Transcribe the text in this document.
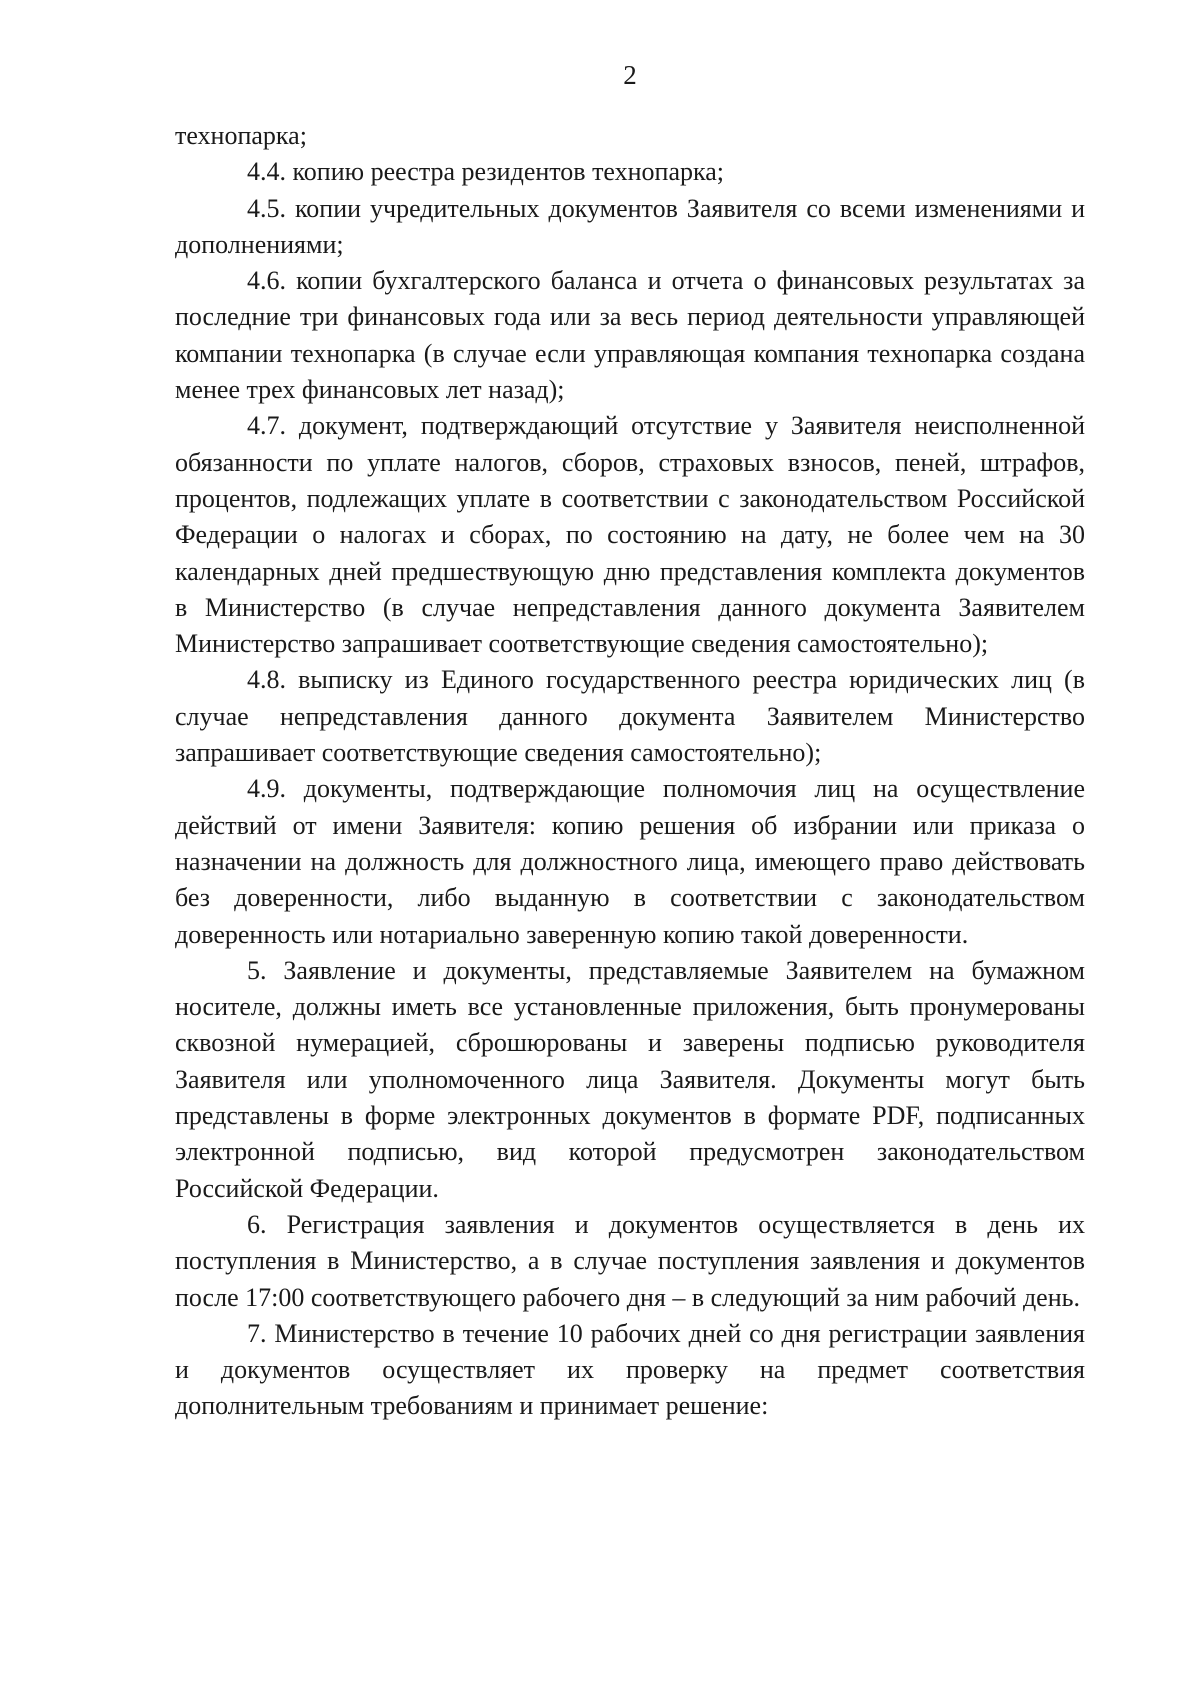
2

технопарка;

4.4. копию реестра резидентов технопарка;

4.5. копии учредительных документов Заявителя со всеми изменениями и дополнениями;

4.6. копии бухгалтерского баланса и отчета о финансовых результатах за последние три финансовых года или за весь период деятельности управляющей компании технопарка (в случае если управляющая компания технопарка создана менее трех финансовых лет назад);

4.7. документ, подтверждающий отсутствие у Заявителя неисполненной обязанности по уплате налогов, сборов, страховых взносов, пеней, штрафов, процентов, подлежащих уплате в соответствии с законодательством Российской Федерации о налогах и сборах, по состоянию на дату, не более чем на 30 календарных дней предшествующую дню представления комплекта документов в Министерство (в случае непредставления данного документа Заявителем Министерство запрашивает соответствующие сведения самостоятельно);

4.8. выписку из Единого государственного реестра юридических лиц (в случае непредставления данного документа Заявителем Министерство запрашивает соответствующие сведения самостоятельно);

4.9. документы, подтверждающие полномочия лиц на осуществление действий от имени Заявителя: копию решения об избрании или приказа о назначении на должность для должностного лица, имеющего право действовать без доверенности, либо выданную в соответствии с законодательством доверенность или нотариально заверенную копию такой доверенности.

5. Заявление и документы, представляемые Заявителем на бумажном носителе, должны иметь все установленные приложения, быть пронумерованы сквозной нумерацией, сброшюрованы и заверены подписью руководителя Заявителя или уполномоченного лица Заявителя. Документы могут быть представлены в форме электронных документов в формате PDF, подписанных электронной подписью, вид которой предусмотрен законодательством Российской Федерации.

6. Регистрация заявления и документов осуществляется в день их поступления в Министерство, а в случае поступления заявления и документов после 17:00 соответствующего рабочего дня – в следующий за ним рабочий день.

7. Министерство в течение 10 рабочих дней со дня регистрации заявления и документов осуществляет их проверку на предмет соответствия дополнительным требованиям и принимает решение:
